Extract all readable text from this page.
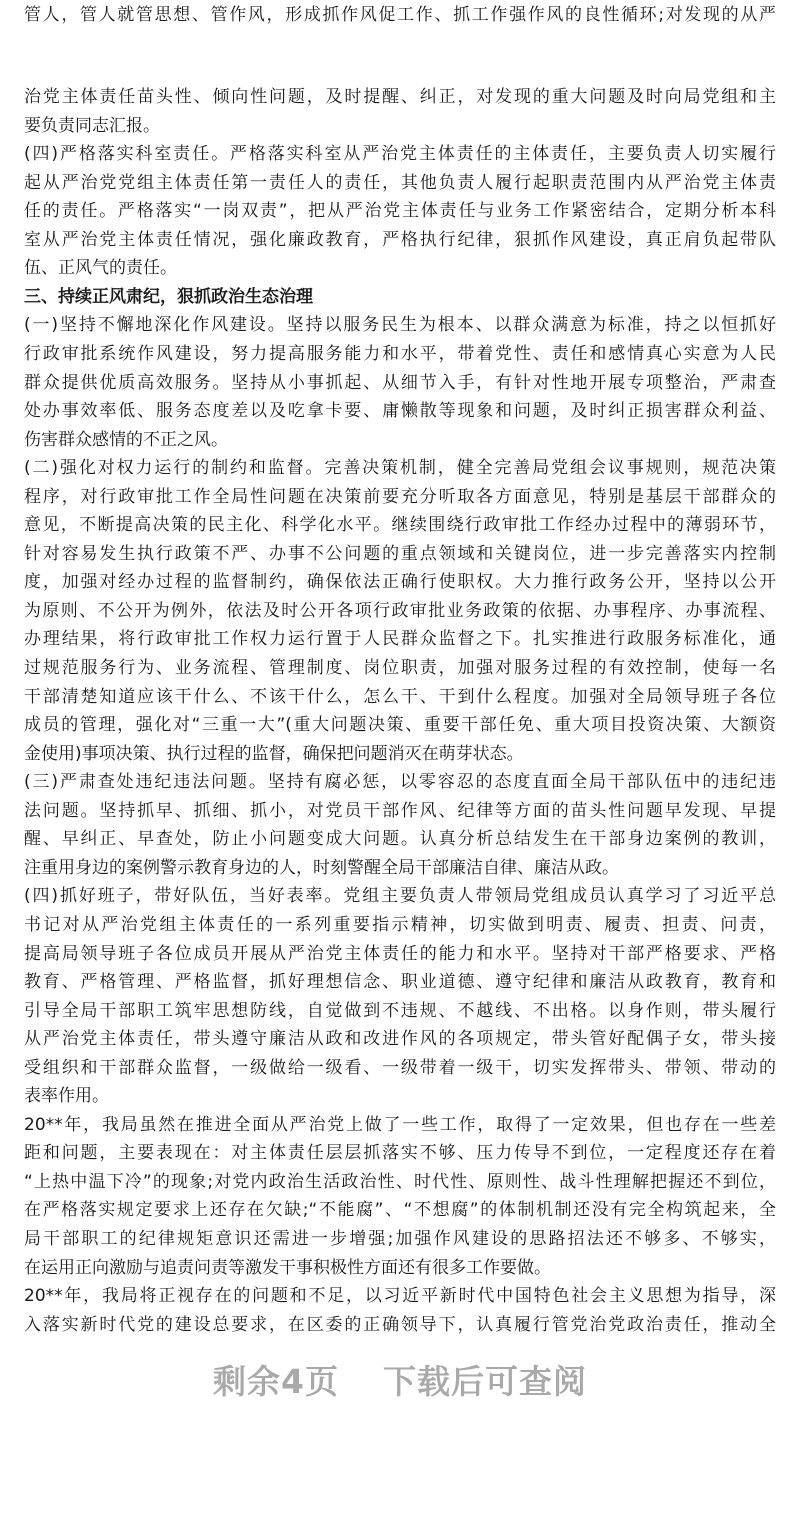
管人，管人就管思想、管作风，形成抓作风促工作、抓工作强作风的良性循环;对发现的从严
治党主体责任苗头性、倾向性问题，及时提醒、纠正，对发现的重大问题及时向局党组和主
要负责同志汇报。
(四)严格落实科室责任。严格落实科室从严治党主体责任的主体责任，主要负责人切实履行
起从严治党党组主体责任第一责任人的责任，其他负责人履行起职责范围内从严治党主体责
任的责任。严格落实“一岗双责”，把从严治党主体责任与业务工作紧密结合，定期分析本科
室从严治党主体责任情况，强化廉政教育，严格执行纪律，狠抓作风建设，真正肩负起带队
伍、正风气的责任。
三、持续正风肃纪，狠抓政治生态治理
(一)坚持不懈地深化作风建设。坚持以服务民生为根本、以群众满意为标准，持之以恒抓好
行政审批系统作风建设，努力提高服务能力和水平，带着党性、责任和感情真心实意为人民
群众提供优质高效服务。坚持从小事抓起、从细节入手，有针对性地开展专项整治，严肃查
处办事效率低、服务态度差以及吃拿卡要、庸懒散等现象和问题，及时纠正损害群众利益、
伤害群众感情的不正之风。
(二)强化对权力运行的制约和监督。完善决策机制，健全完善局党组会议事规则，规范决策
程序，对行政审批工作全局性问题在决策前要充分听取各方面意见，特别是基层干部群众的
意见，不断提高决策的民主化、科学化水平。继续围绕行政审批工作经办过程中的薄弱环节，
针对容易发生执行政策不严、办事不公问题的重点领域和关键岗位，进一步完善落实内控制
度，加强对经办过程的监督制约，确保依法正确行使职权。大力推行政务公开，坚持以公开
为原则、不公开为例外，依法及时公开各项行政审批业务政策的依据、办事程序、办事流程、
办理结果，将行政审批工作权力运行置于人民群众监督之下。扎实推进行政服务标准化，通
过规范服务行为、业务流程、管理制度、岗位职责，加强对服务过程的有效控制，使每一名
干部清楚知道应该干什么、不该干什么，怎么干、干到什么程度。加强对全局领导班子各位
成员的管理，强化对“三重一大”(重大问题决策、重要干部任免、重大项目投资决策、大额资
金使用)事项决策、执行过程的监督，确保把问题消灭在萌芽状态。
(三)严肃查处违纪违法问题。坚持有腐必惩，以零容忍的态度直面全局干部队伍中的违纪违
法问题。坚持抓早、抓细、抓小，对党员干部作风、纪律等方面的苗头性问题早发现、早提
醒、早纠正、早查处，防止小问题变成大问题。认真分析总结发生在干部身边案例的教训，
注重用身边的案例警示教育身边的人，时刻警醒全局干部廉洁自律、廉洁从政。
(四)抓好班子，带好队伍，当好表率。党组主要负责人带领局党组成员认真学习了习近平总
书记对从严治党组主体责任的一系列重要指示精神，切实做到明责、履责、担责、问责，
提高局领导班子各位成员开展从严治党主体责任的能力和水平。坚持对干部严格要求、严格
教育、严格管理、严格监督，抓好理想信念、职业道德、遵守纪律和廉洁从政教育，教育和
引导全局干部职工筑牢思想防线，自觉做到不违规、不越线、不出格。以身作则，带头履行
从严治党主体责任，带头遵守廉洁从政和改进作风的各项规定，带头管好配偶子女，带头接
受组织和干部群众监督，一级做给一级看、一级带着一级干，切实发挥带头、带领、带动的
表率作用。
20**年，我局虽然在推进全面从严治党上做了一些工作，取得了一定效果，但也存在一些差
距和问题，主要表现在：对主体责任层层抓落实不够、压力传导不到位，一定程度还存在着
“上热中温下冷”的现象;对党内政治生活政治性、时代性、原则性、战斗性理解把握还不到位，
在严格落实规定要求上还存在欠缺;“不能腐”、“不想腐”的体制机制还没有完全构筑起来，全
局干部职工的纪律规矩意识还需进一步增强;加强作风建设的思路招法还不够多、不够实，
在运用正向激励与追责问责等激发干事积极性方面还有很多工作要做。
20**年，我局将正视存在的问题和不足，以习近平新时代中国特色社会主义思想为指导，深
入落实新时代党的建设总要求，在区委的正确领导下，认真履行管党治党政治责任，推动全
剩余4页 下载后可查阅
